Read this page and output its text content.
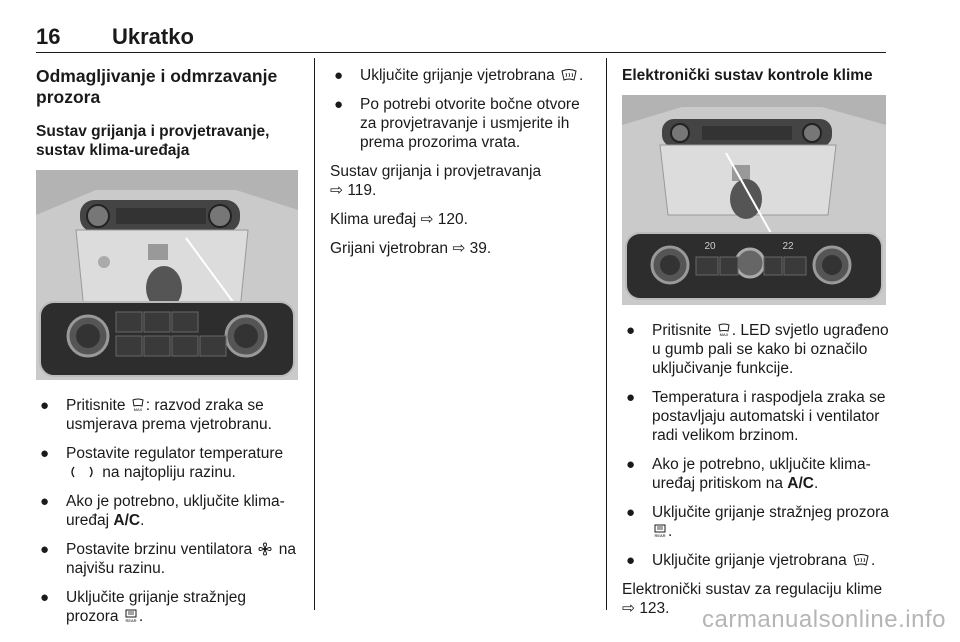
16 Ukratko
Odmagljivanje i odmrzavanje prozora
Sustav grijanja i provjetravanje, sustav klima-uređaja
● Pritisnite MAX : razvod zraka se usmjerava prema vjetrobranu.
● Postavite regulator temperature  na najtopliju razinu.
● Ako je potrebno, uključite klima-uređaj A/C.
● Postavite brzinu ventilatora  na najvišu razinu.
● Uključite grijanje stražnjeg prozora REAR .
● Uključite grijanje vjetrobrana .
● Po potrebi otvorite bočne otvore za provjetravanje i usmjerite ih prema prozorima vrata.

Sustav grijanja i provjetravanja
⇨ 119.

Klima uređaj ⇨ 120.

Grijani vjetrobran ⇨ 39.

Elektronički sustav kontrole klime
20	22
● Pritisnite MAX . LED svjetlo ugrađeno u gumb pali se kako bi označilo uključivanje funkcije.
● Temperatura i raspodjela zraka se postavljaju automatski i ventilator radi velikom brzinom.
● Ako je potrebno, uključite klima-uređaj pritiskom na A/C.
● Uključite grijanje stražnjeg prozora
REAR .
● Uključite grijanje vjetrobrana .

Elektronički sustav za regulaciju klime ⇨ 123.	carmanualsonline.info
